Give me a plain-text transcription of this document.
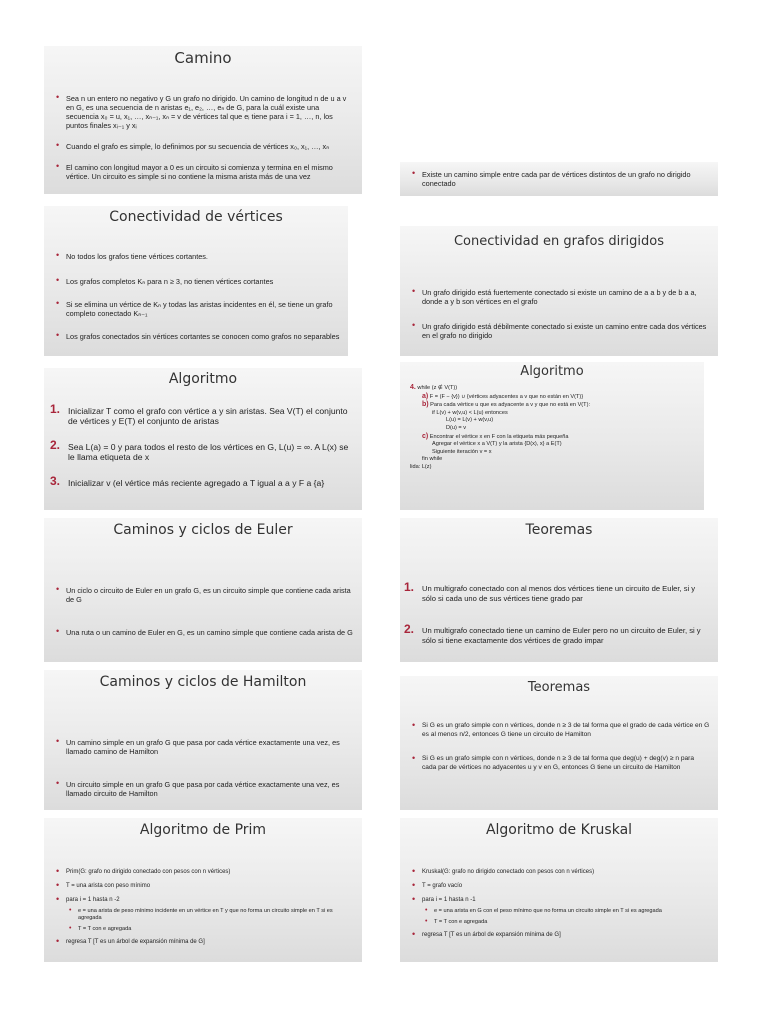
Camino
• Sea n un entero no negativo y G un grafo no dirigido. Un camino de longitud n de u a v en G, es una secuencia de n aristas e₁, e₂, …, eₙ de G, para la cuál existe una secuencia x₀ = u, x₁, …, xₙ₋₁, xₙ = v de vértices tal que eᵢ tiene para i = 1, …, n, los puntos finales xᵢ₋₁ y xᵢ
• Cuando el grafo es simple, lo definimos por su secuencia de vértices x₀, x₁, …, xₙ
• El camino con longitud mayor a 0 es un circuito si comienza y termina en el mismo vértice. Un circuito es simple si no contiene la misma arista más de una vez
•	Existe un camino simple entre cada par de vértices distintos de un grafo no dirigido conectado
Conectividad de vértices
• No todos los grafos tiene vértices cortantes.
• Los grafos completos Kₙ para n ≥ 3, no tienen vértices cortantes
• Si se elimina un vértice de Kₙ y todas las aristas incidentes en él, se tiene un grafo completo conectado Kₙ₋₁
• Los grafos conectados sin vértices cortantes se conocen como grafos no separables
Conectividad en grafos dirigidos
• Un grafo dirigido está fuertemente conectado si existe un camino de a a b y de b a a, donde a y b son vértices en el grafo
• Un grafo dirigido está débilmente conectado si existe un camino entre cada dos vértices en el grafo no dirigido
Algoritmo
1. Inicializar T como el grafo con vértice a y sin aristas. Sea V(T) el conjunto de vértices y E(T) el conjunto de aristas
2. Sea L(a) = 0 y para todos el resto de los vértices en G, L(u) = ∞. A L(x) se le llama etiqueta de x
3. Inicializar v (el vértice más reciente agregado a T igual a a y F a {a}
Algoritmo
4. while (z ∉ V(T))
a) F = (F − {v}) ∪ {vértices adyacentes a v que no están en V(T)}
b) Para cada vértice u que es adyacente a v y que no está en V(T):
if L(v) + w(v,u) < L(u) entonces
L(u) = L(v) + w(v,u)
D(u) = v
c) Encontrar el vértice x en F con la etiqueta más pequeña
Agregar el vértice x a V(T) y la arista {D(x), x} a E(T)
Siguiente iteración v = x
fin while
lida: L(z)
Caminos y ciclos de Euler
• Un ciclo o circuito de Euler en un grafo G, es un circuito simple que contiene cada arista de G
• Una ruta o un camino de Euler en G, es un camino simple que contiene cada arista de G
Teoremas
1. Un multigrafo conectado con al menos dos vértices tiene un circuito de Euler, si y sólo si cada uno de sus vértices tiene grado par
2. Un multigrafo conectado tiene un camino de Euler pero no un circuito de Euler, si y sólo si tiene exactamente dos vértices de grado impar
Caminos y ciclos de Hamilton
• Un camino simple en un grafo G que pasa por cada vértice exactamente una vez, es llamado camino de Hamilton
• Un circuito simple en un grafo G que pasa por cada vértice exactamente una vez, es llamado circuito de Hamilton
Teoremas
• Si G es un grafo simple con n vértices, donde n ≥ 3 de tal forma que el grado de cada vértice en G es al menos n/2, entonces G tiene un circuito de Hamilton
• Si G es un grafo simple con n vértices, donde n ≥ 3 de tal forma que deg(u) + deg(v) ≥ n para cada par de vértices no adyacentes u y v en G, entonces G tiene un circuito de Hamilton
Algoritmo de Prim
• Prim(G: grafo no dirigido conectado con pesos con n vértices)
• T = una arista con peso mínimo
• para i = 1 hasta n -2
• e = una arista de peso mínimo incidente en un vértice en T y que no forma un circuito simple en T si es agregada
• T = T con e agregada
• regresa T [T es un árbol de expansión mínima de G]
Algoritmo de Kruskal
• Kruskal(G: grafo no dirigido conectado con pesos con n vértices)
• T = grafo vacío
• para i = 1 hasta n -1
• e = una arista en G con el peso mínimo que no forma un circuito simple en T si es agregada
• T = T con e agregada
• regresa T [T es un árbol de expansión mínima de G]
